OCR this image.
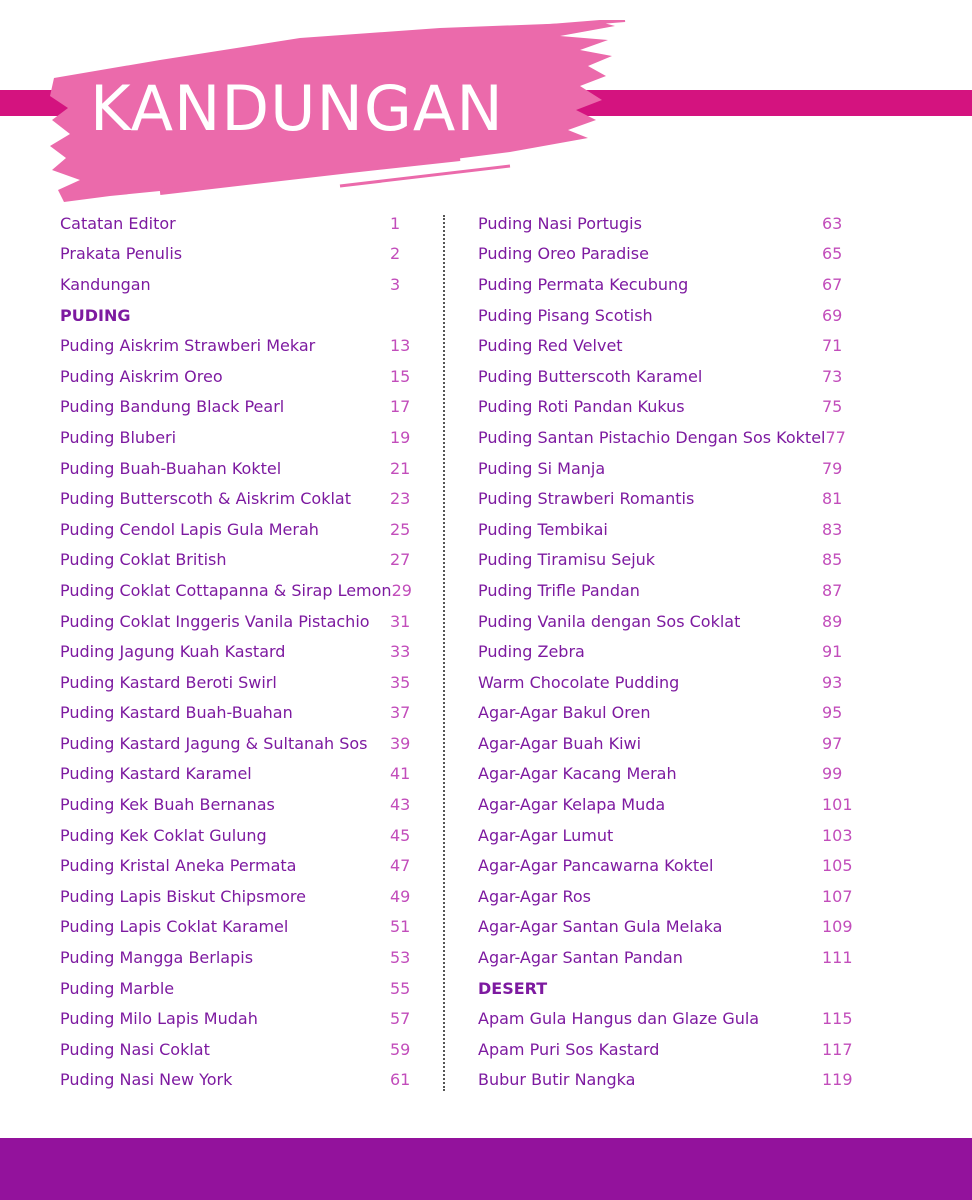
KANDUNGAN
Catatan Editor	1
Prakata Penulis	2
Kandungan	3
PUDING
Puding Aiskrim Strawberi Mekar	13
Puding Aiskrim Oreo	15
Puding Bandung Black Pearl	17
Puding Bluberi	19
Puding Buah-Buahan Koktel	21
Puding Butterscoth & Aiskrim Coklat	23
Puding Cendol Lapis Gula Merah	25
Puding Coklat British	27
Puding Coklat Cottapanna & Sirap Lemon 29
Puding Coklat Inggeris Vanila Pistachio	31
Puding Jagung Kuah Kastard	33
Puding Kastard Beroti Swirl	35
Puding Kastard Buah-Buahan	37
Puding Kastard Jagung & Sultanah Sos	39
Puding Kastard Karamel	41
Puding Kek Buah Bernanas	43
Puding Kek Coklat Gulung	45
Puding Kristal Aneka Permata	47
Puding Lapis Biskut Chipsmore	49
Puding Lapis Coklat Karamel	51
Puding Mangga Berlapis	53
Puding Marble	55
Puding Milo Lapis Mudah	57
Puding Nasi Coklat	59
Puding Nasi New York	61
Puding Nasi Portugis	63
Puding Oreo Paradise	65
Puding Permata Kecubung	67
Puding Pisang Scotish	69
Puding Red Velvet	71
Puding Butterscoth Karamel	73
Puding Roti Pandan Kukus	75
Puding Santan Pistachio Dengan Sos Koktel 77
Puding Si Manja	79
Puding Strawberi Romantis	81
Puding Tembikai	83
Puding Tiramisu Sejuk	85
Puding Trifle Pandan	87
Puding Vanila dengan Sos Coklat	89
Puding Zebra	91
Warm Chocolate Pudding	93
Agar-Agar Bakul Oren	95
Agar-Agar Buah Kiwi	97
Agar-Agar Kacang Merah	99
Agar-Agar Kelapa Muda	101
Agar-Agar Lumut	103
Agar-Agar Pancawarna Koktel	105
Agar-Agar Ros	107
Agar-Agar Santan Gula Melaka	109
Agar-Agar Santan Pandan	111
DESERT
Apam Gula Hangus dan Glaze Gula	115
Apam Puri Sos Kastard	117
Bubur Butir Nangka	119
